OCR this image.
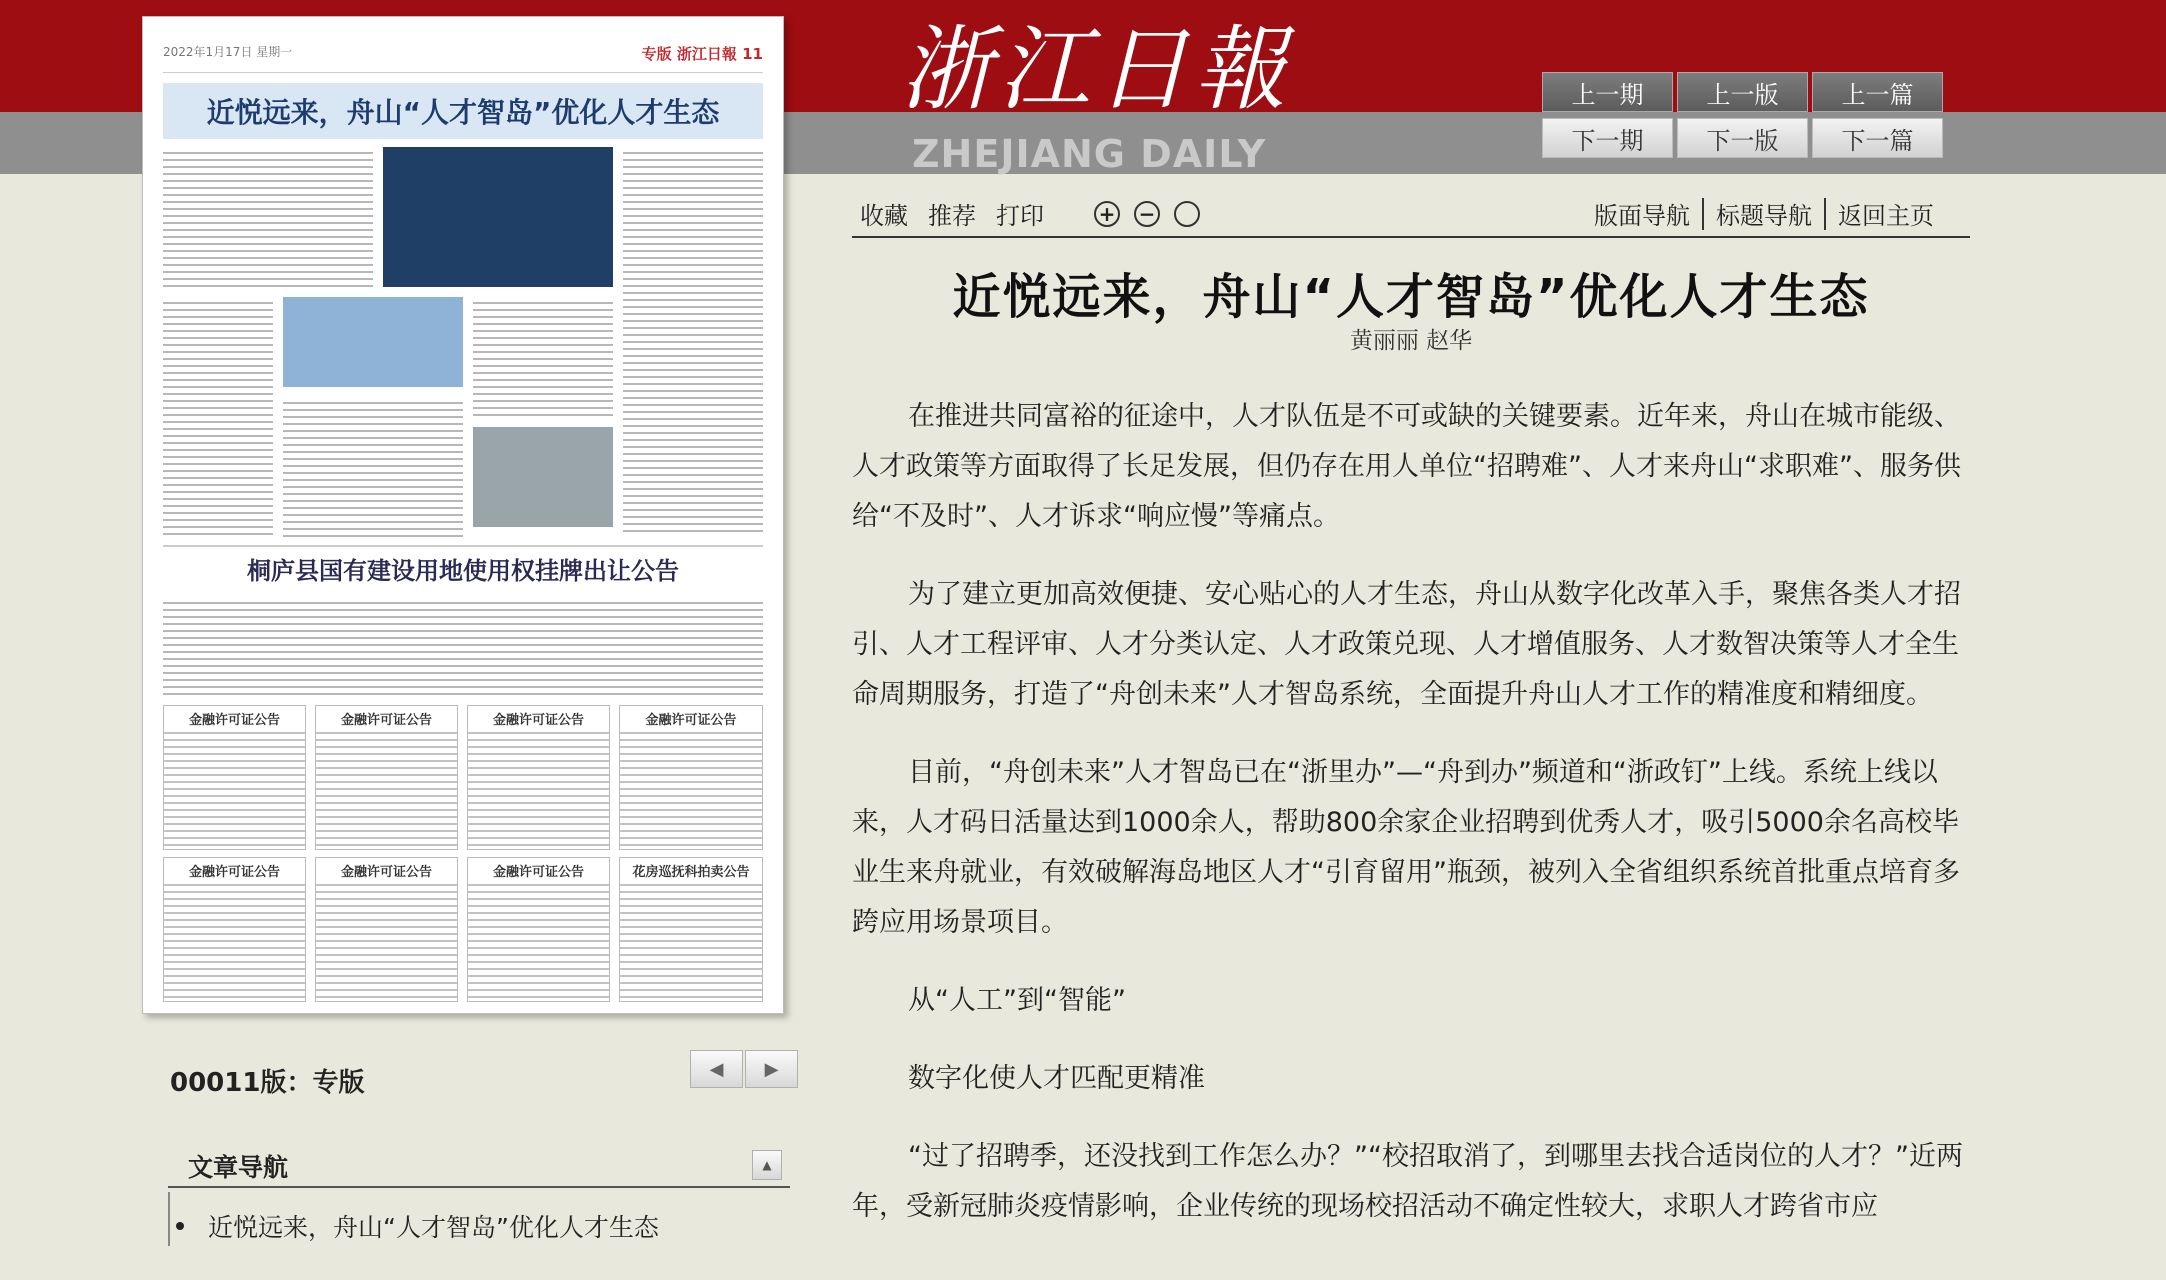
浙江日報
ZHEJIANG DAILY
上一期	上一版	上一篇
下一期	下一版	下一篇
2022年1月17日 星期一	专版 浙江日報 11
近悦远来，舟山“人才智岛”优化人才生态
桐庐县国有建设用地使用权挂牌出让公告
金融许可证公告	金融许可证公告	金融许可证公告	金融许可证公告
金融许可证公告	金融许可证公告	金融许可证公告	花房巡抚科拍卖公告
00011版：专版	◀	▶
文章导航	▲
近悦远来，舟山“人才智岛”优化人才生态
收藏 推荐 打印	+ −	版面导航	标题导航	返回主页
近悦远来，舟山“人才智岛”优化人才生态
黄丽丽 赵华

在推进共同富裕的征途中，人才队伍是不可或缺的关键要素。近年来，舟山在城市能级、人才政策等方面取得了长足发展，但仍存在用人单位“招聘难”、人才来舟山“求职难”、服务供给“不及时”、人才诉求“响应慢”等痛点。

为了建立更加高效便捷、安心贴心的人才生态，舟山从数字化改革入手，聚焦各类人才招引、人才工程评审、人才分类认定、人才政策兑现、人才增值服务、人才数智决策等人才全生命周期服务，打造了“舟创未来”人才智岛系统，全面提升舟山人才工作的精准度和精细度。

目前，“舟创未来”人才智岛已在“浙里办”—“舟到办”频道和“浙政钉”上线。系统上线以来，人才码日活量达到1000余人，帮助800余家企业招聘到优秀人才，吸引5000余名高校毕业生来舟就业，有效破解海岛地区人才“引育留用”瓶颈，被列入全省组织系统首批重点培育多跨应用场景项目。

从“人工”到“智能”

数字化使人才匹配更精准

“过了招聘季，还没找到工作怎么办？”“校招取消了，到哪里去找合适岗位的人才？”近两年，受新冠肺炎疫情影响，企业传统的现场校招活动不确定性较大，求职人才跨省市应
